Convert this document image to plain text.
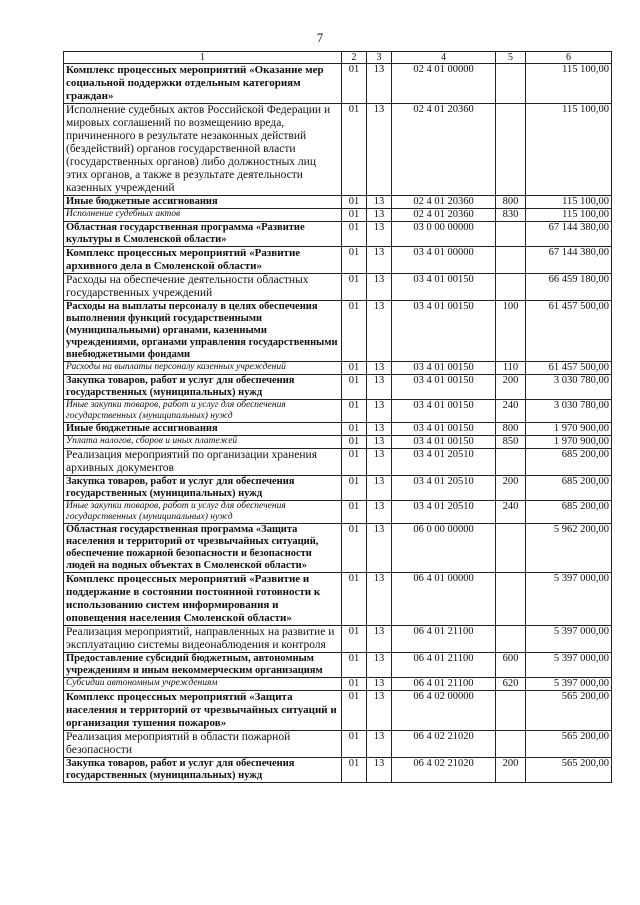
7
1	2	3	4	5	6
Комплекс процессных мероприятий «Оказание мер социальной поддержки отдельным категориям граждан»	01	13	02 4 01 00000		115 100,00
Исполнение судебных актов Российской Федерации и мировых соглашений по возмещению вреда, причиненного в результате незаконных действий (бездействий) органов государственной власти (государственных органов) либо должностных лиц этих органов, а также в результате деятельности казенных учреждений	01	13	02 4 01 20360		115 100,00
Иные бюджетные ассигнования	01	13	02 4 01 20360	800	115 100,00
Исполнение судебных актов	01	13	02 4 01 20360	830	115 100,00
Областная государственная программа «Развитие культуры в Смоленской области»	01	13	03 0 00 00000		67 144 380,00
Комплекс процессных мероприятий «Развитие архивного дела в Смоленской области»	01	13	03 4 01 00000		67 144 380,00
Расходы на обеспечение деятельности областных государственных учреждений	01	13	03 4 01 00150		66 459 180,00
Расходы на выплаты персоналу в целях обеспечения выполнения функций государственными (муниципальными) органами, казенными учреждениями, органами управления государственными внебюджетными фондами	01	13	03 4 01 00150	100	61 457 500,00
Расходы на выплаты персоналу казенных учреждений	01	13	03 4 01 00150	110	61 457 500,00
Закупка товаров, работ и услуг для обеспечения государственных (муниципальных) нужд	01	13	03 4 01 00150	200	3 030 780,00
Иные закупки товаров, работ и услуг для обеспечения государственных (муниципальных) нужд	01	13	03 4 01 00150	240	3 030 780,00
Иные бюджетные ассигнования	01	13	03 4 01 00150	800	1 970 900,00
Уплата налогов, сборов и иных платежей	01	13	03 4 01 00150	850	1 970 900,00
Реализация мероприятий по организации хранения архивных документов	01	13	03 4 01 20510		685 200,00
Закупка товаров, работ и услуг для обеспечения государственных (муниципальных) нужд	01	13	03 4 01 20510	200	685 200,00
Иные закупки товаров, работ и услуг для обеспечения государственных (муниципальных) нужд	01	13	03 4 01 20510	240	685 200,00
Областная государственная программа «Защита населения и территорий от чрезвычайных ситуаций, обеспечение пожарной безопасности и безопасности людей на водных объектах в Смоленской области»	01	13	06 0 00 00000		5 962 200,00
Комплекс процессных мероприятий «Развитие и поддержание в состоянии постоянной готовности к использованию систем информирования и оповещения населения Смоленской области»	01	13	06 4 01 00000		5 397 000,00
Реализация мероприятий, направленных на развитие и эксплуатацию системы видеонаблюдения и контроля	01	13	06 4 01 21100		5 397 000,00
Предоставление субсидий бюджетным, автономным учреждениям и иным некоммерческим организациям	01	13	06 4 01 21100	600	5 397 000,00
Субсидии автономным учреждениям	01	13	06 4 01 21100	620	5 397 000,00
Комплекс процессных мероприятий «Защита населения и территорий от чрезвычайных ситуаций и организация тушения пожаров»	01	13	06 4 02 00000		565 200,00
Реализация мероприятий в области пожарной безопасности	01	13	06 4 02 21020		565 200,00
Закупка товаров, работ и услуг для обеспечения государственных (муниципальных) нужд	01	13	06 4 02 21020	200	565 200,00
